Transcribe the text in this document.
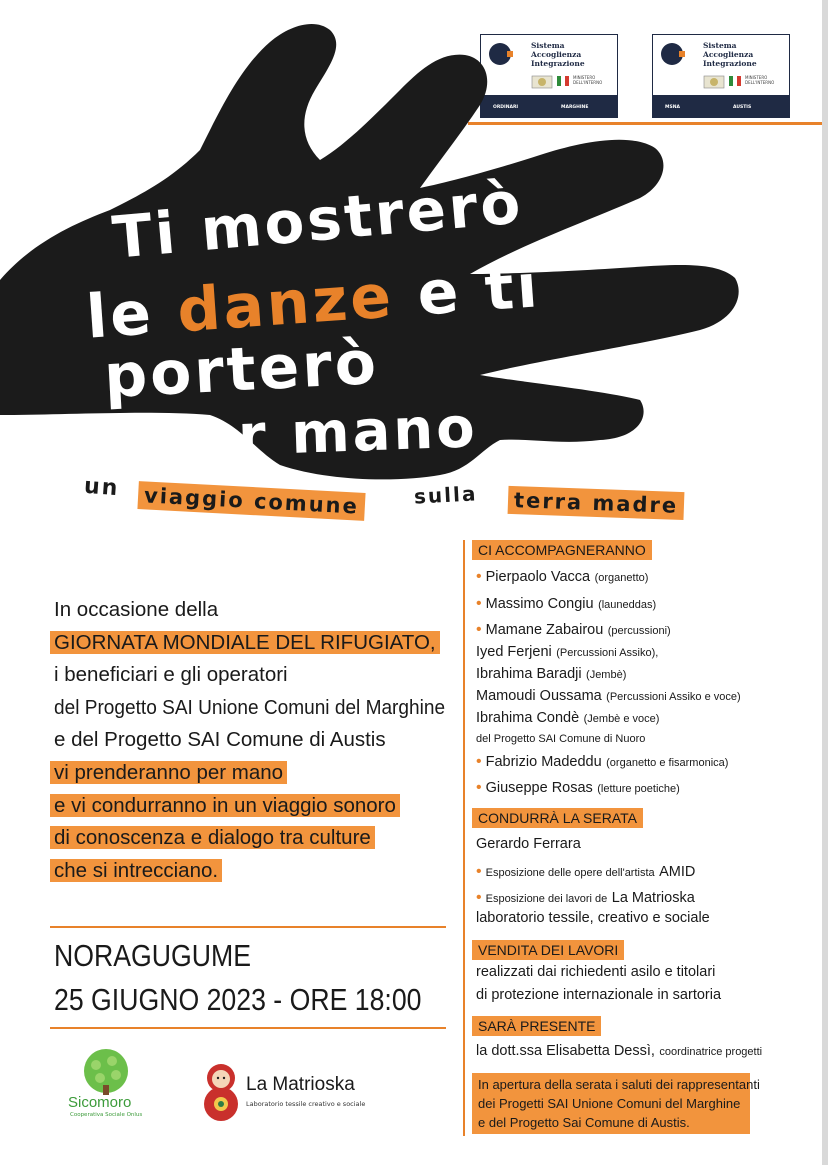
Sistema
Accoglienza
Integrazione
MINISTERO DELL'INTERNO
ORDINARI	MARGHINE
Sistema
Accoglienza
Integrazione
MINISTERO DELL'INTERNO
MSNA	AUSTIS
Ti mostrerò
le danze e ti
porterò
per mano
un viaggio comune	sulla terra madre
In occasione della
GIORNATA MONDIALE DEL RIFUGIATO,
i beneficiari e gli operatori
del Progetto SAI Unione Comuni del Marghine
e del Progetto SAI Comune di Austis
vi prenderanno per mano
e vi condurranno in un viaggio sonoro
di conoscenza e dialogo tra culture
che si intrecciano.
NORAGUGUME
25 GIUGNO 2023 - ORE 18:00
CI ACCOMPAGNERANNO
• Pierpaolo Vacca (organetto)
• Massimo Congiu (launeddas)
• Mamane Zabairou (percussioni)
Iyed Ferjeni (Percussioni Assiko),
Ibrahima Baradji (Jembè)
Mamoudi Oussama (Percussioni Assiko e voce)
Ibrahima Condè (Jembè e voce)
del Progetto SAI Comune di Nuoro
• Fabrizio Madeddu (organetto e fisarmonica)
• Giuseppe Rosas (letture poetiche)
CONDURRÀ LA SERATA
Gerardo Ferrara
• Esposizione delle opere dell'artista AMID
• Esposizione dei lavori de La Matrioska
laboratorio tessile, creativo e sociale
VENDITA DEI LAVORI
realizzati dai richiedenti asilo e titolari
di protezione internazionale in sartoria
SARÀ PRESENTE
la dott.ssa Elisabetta Dessì, coordinatrice progetti
In apertura della serata i saluti dei rappresentanti
dei Progetti SAI Unione Comuni del Marghine
e del Progetto Sai Comune di Austis.
Sicomoro
Cooperativa Sociale Onlus
La Matrioska
Laboratorio tessile creativo e sociale
